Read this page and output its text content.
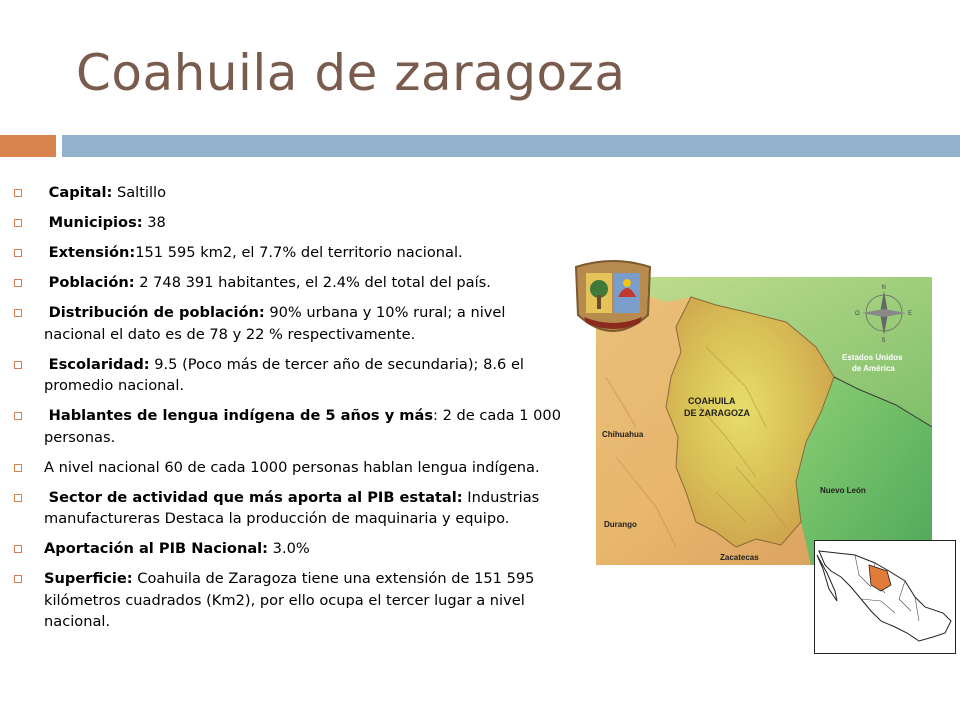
Coahuila de zaragoza
Capital: Saltillo
Municipios: 38
Extensión:151 595 km2, el 7.7% del territorio nacional.
Población: 2 748 391 habitantes, el 2.4% del total del país.
Distribución de población: 90% urbana y 10% rural; a nivel nacional el dato es de 78 y 22 % respectivamente.
Escolaridad: 9.5 (Poco más de tercer año de secundaria); 8.6 el promedio nacional.
Hablantes de lengua indígena de 5 años y más: 2 de cada 1 000 personas.
A nivel nacional 60 de cada 1000 personas hablan lengua indígena.
Sector de actividad que más aporta al PIB estatal: Industrias manufactureras Destaca la producción de maquinaria y equipo.
Aportación al PIB Nacional: 3.0%
Superficie: Coahuila de Zaragoza tiene una extensión de 151 595 kilómetros cuadrados (Km2), por ello ocupa el tercer lugar a nivel nacional.
COAHUILA
DE ZARAGOZA
Estados Unidos
de América
Chihuahua
Durango
Zacatecas
Nuevo León
N
S
E
O
